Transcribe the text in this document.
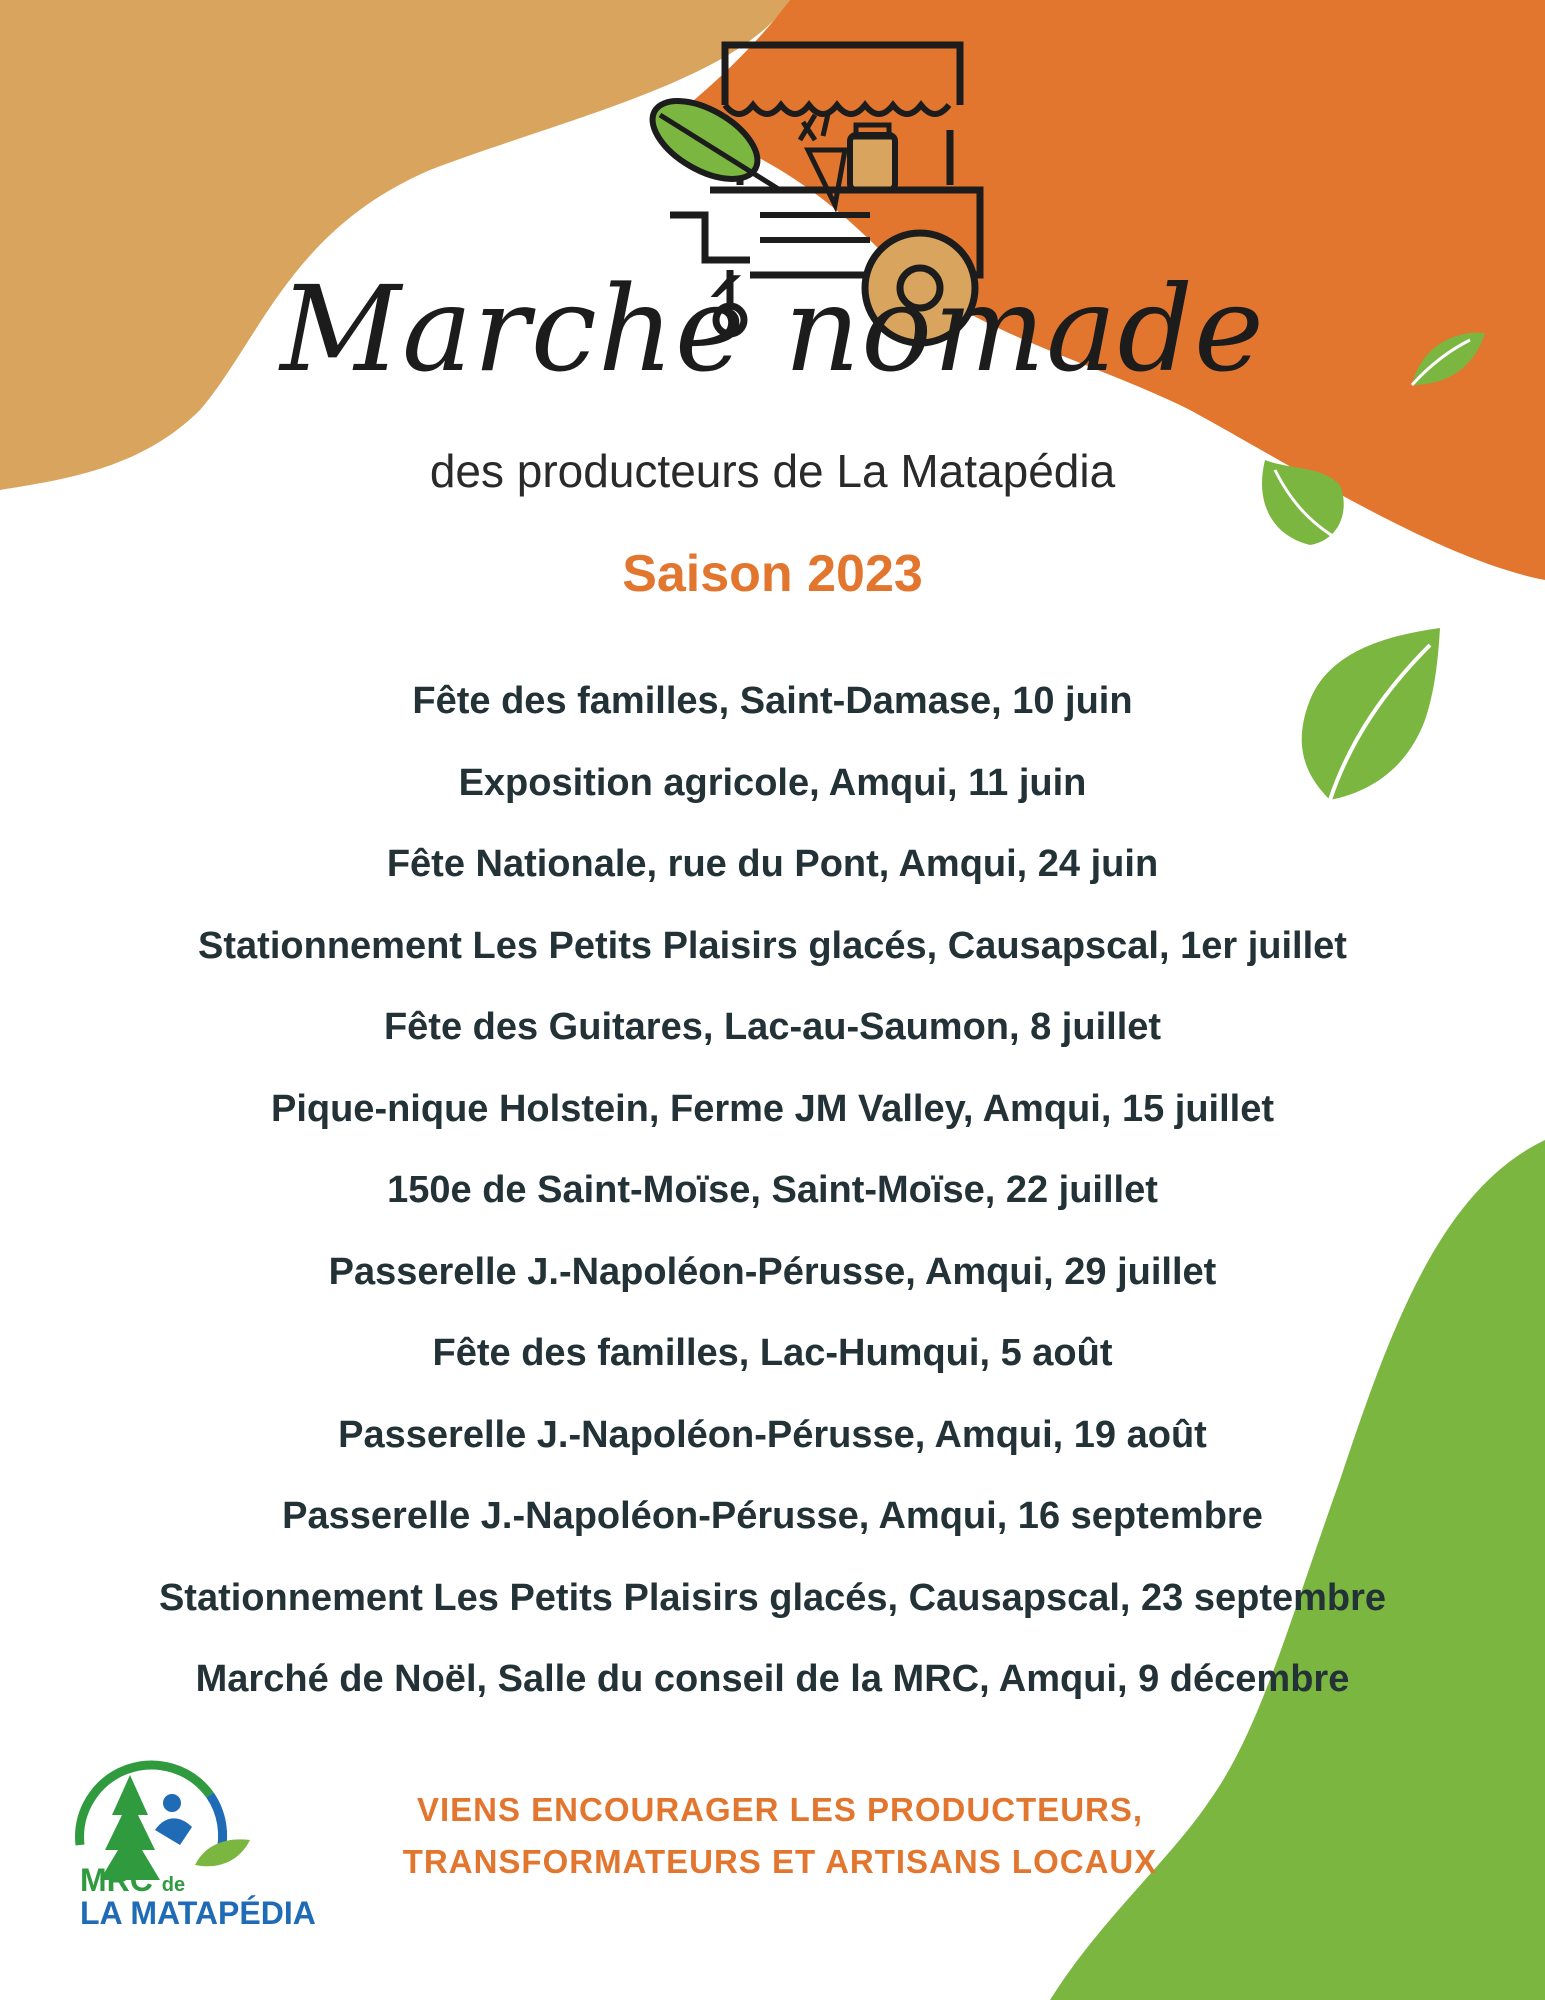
Marché nomade
des producteurs de La Matapédia
Saison 2023
Fête des familles, Saint-Damase, 10 juin
Exposition agricole, Amqui, 11 juin
Fête Nationale, rue du Pont, Amqui, 24 juin
Stationnement Les Petits Plaisirs glacés, Causapscal, 1er juillet
Fête des Guitares, Lac-au-Saumon, 8 juillet
Pique-nique Holstein, Ferme JM Valley, Amqui, 15 juillet
150e de Saint-Moïse, Saint-Moïse, 22 juillet
Passerelle J.-Napoléon-Pérusse, Amqui, 29 juillet
Fête des familles, Lac-Humqui, 5 août
Passerelle J.-Napoléon-Pérusse, Amqui, 19 août
Passerelle J.-Napoléon-Pérusse, Amqui, 16 septembre
Stationnement Les Petits Plaisirs glacés, Causapscal, 23 septembre
Marché de Noël, Salle du conseil de la MRC, Amqui, 9 décembre
VIENS ENCOURAGER LES PRODUCTEURS,
TRANSFORMATEURS ET ARTISANS LOCAUX
MRC de
LA MATAPÉDIA
